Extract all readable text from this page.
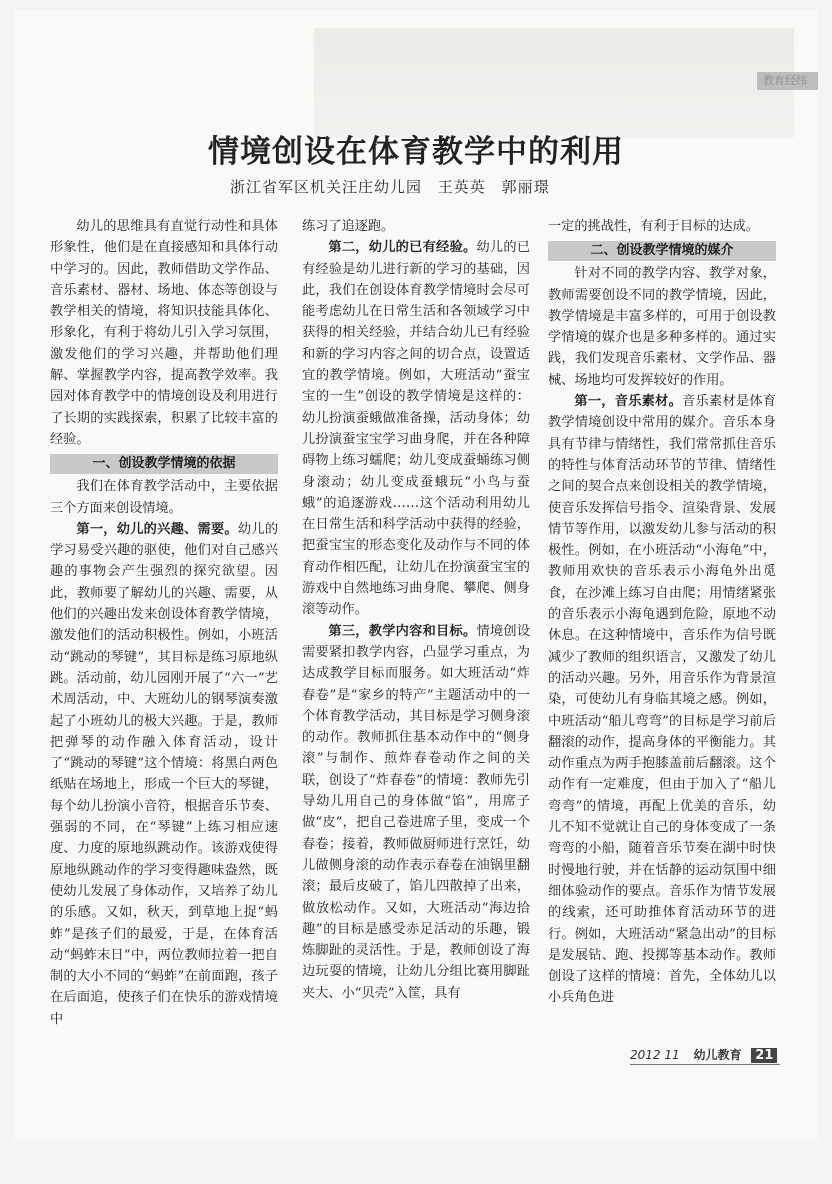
教育经纬
情境创设在体育教学中的利用
浙江省军区机关汪庄幼儿园 王英英 郭丽璟

幼儿的思维具有直觉行动性和具体形象性，他们是在直接感知和具体行动中学习的。因此，教师借助文学作品、音乐素材、器材、场地、体态等创设与教学相关的情境，将知识技能具体化、形象化，有利于将幼儿引入学习氛围，激发他们的学习兴趣，并帮助他们理解、掌握教学内容，提高教学效率。我园对体育教学中的情境创设及利用进行了长期的实践探索，积累了比较丰富的经验。

一、创设教学情境的依据

我们在体育教学活动中，主要依据三个方面来创设情境。

第一，幼儿的兴趣、需要。幼儿的学习易受兴趣的驱使，他们对自己感兴趣的事物会产生强烈的探究欲望。因此，教师要了解幼儿的兴趣、需要，从他们的兴趣出发来创设体育教学情境，激发他们的活动积极性。例如，小班活动“跳动的琴键”，其目标是练习原地纵跳。活动前，幼儿园刚开展了“六一”艺术周活动，中、大班幼儿的钢琴演奏激起了小班幼儿的极大兴趣。于是，教师把弹琴的动作融入体育活动，设计了“跳动的琴键”这个情境：将黑白两色纸贴在场地上，形成一个巨大的琴键，每个幼儿扮演小音符，根据音乐节奏、强弱的不同，在“琴键”上练习相应速度、力度的原地纵跳动作。该游戏使得原地纵跳动作的学习变得趣味盎然，既使幼儿发展了身体动作，又培养了幼儿的乐感。又如，秋天，到草地上捉“蚂蚱”是孩子们的最爱，于是，在体育活动“蚂蚱末日”中，两位教师拉着一把自制的大小不同的“蚂蚱”在前面跑，孩子在后面追，使孩子们在快乐的游戏情境中

练习了追逐跑。

第二，幼儿的已有经验。幼儿的已有经验是幼儿进行新的学习的基础，因此，我们在创设体育教学情境时会尽可能考虑幼儿在日常生活和各领域学习中获得的相关经验，并结合幼儿已有经验和新的学习内容之间的切合点，设置适宜的教学情境。例如，大班活动“蚕宝宝的一生”创设的教学情境是这样的：幼儿扮演蚕蛾做准备操，活动身体；幼儿扮演蚕宝宝学习曲身爬，并在各种障碍物上练习蠕爬；幼儿变成蚕蛹练习侧身滚动；幼儿变成蚕蛾玩“小鸟与蚕蛾”的追逐游戏……这个活动利用幼儿在日常生活和科学活动中获得的经验，把蚕宝宝的形态变化及动作与不同的体育动作相匹配，让幼儿在扮演蚕宝宝的游戏中自然地练习曲身爬、攀爬、侧身滚等动作。

第三，教学内容和目标。情境创设需要紧扣教学内容，凸显学习重点，为达成教学目标而服务。如大班活动“炸春卷”是“家乡的特产”主题活动中的一个体育教学活动，其目标是学习侧身滚的动作。教师抓住基本动作中的“侧身滚”与制作、煎炸春卷动作之间的关联，创设了“炸春卷”的情境：教师先引导幼儿用自己的身体做“馅”，用席子做“皮”，把自己卷进席子里，变成一个春卷；接着，教师做厨师进行烹饪，幼儿做侧身滚的动作表示春卷在油锅里翻滚；最后皮破了，馅儿四散掉了出来，做放松动作。又如，大班活动“海边拾趣”的目标是感受赤足活动的乐趣，锻炼脚趾的灵活性。于是，教师创设了海边玩耍的情境，让幼儿分组比赛用脚趾夹大、小“贝壳”入筐，具有

一定的挑战性，有利于目标的达成。

二、创设教学情境的媒介

针对不同的教学内容、教学对象，教师需要创设不同的教学情境，因此，教学情境是丰富多样的，可用于创设教学情境的媒介也是多种多样的。通过实践，我们发现音乐素材、文学作品、器械、场地均可发挥较好的作用。

第一，音乐素材。音乐素材是体育教学情境创设中常用的媒介。音乐本身具有节律与情绪性，我们常常抓住音乐的特性与体育活动环节的节律、情绪性之间的契合点来创设相关的教学情境，使音乐发挥信号指令、渲染背景、发展情节等作用，以激发幼儿参与活动的积极性。例如，在小班活动“小海龟”中，教师用欢快的音乐表示小海龟外出觅食，在沙滩上练习自由爬；用情绪紧张的音乐表示小海龟遇到危险，原地不动休息。在这种情境中，音乐作为信号既减少了教师的组织语言，又激发了幼儿的活动兴趣。另外，用音乐作为背景渲染，可使幼儿有身临其境之感。例如，中班活动“船儿弯弯”的目标是学习前后翻滚的动作，提高身体的平衡能力。其动作重点为两手抱膝盖前后翻滚。这个动作有一定难度，但由于加入了“船儿弯弯”的情境，再配上优美的音乐，幼儿不知不觉就让自己的身体变成了一条弯弯的小船，随着音乐节奏在湖中时快时慢地行驶，并在恬静的运动氛围中细细体验动作的要点。音乐作为情节发展的线索，还可助推体育活动环节的进行。例如，大班活动“紧急出动”的目标是发展钻、跑、投掷等基本动作。教师创设了这样的情境：首先，全体幼儿以小兵角色进

2012 11 幼儿教育 21
